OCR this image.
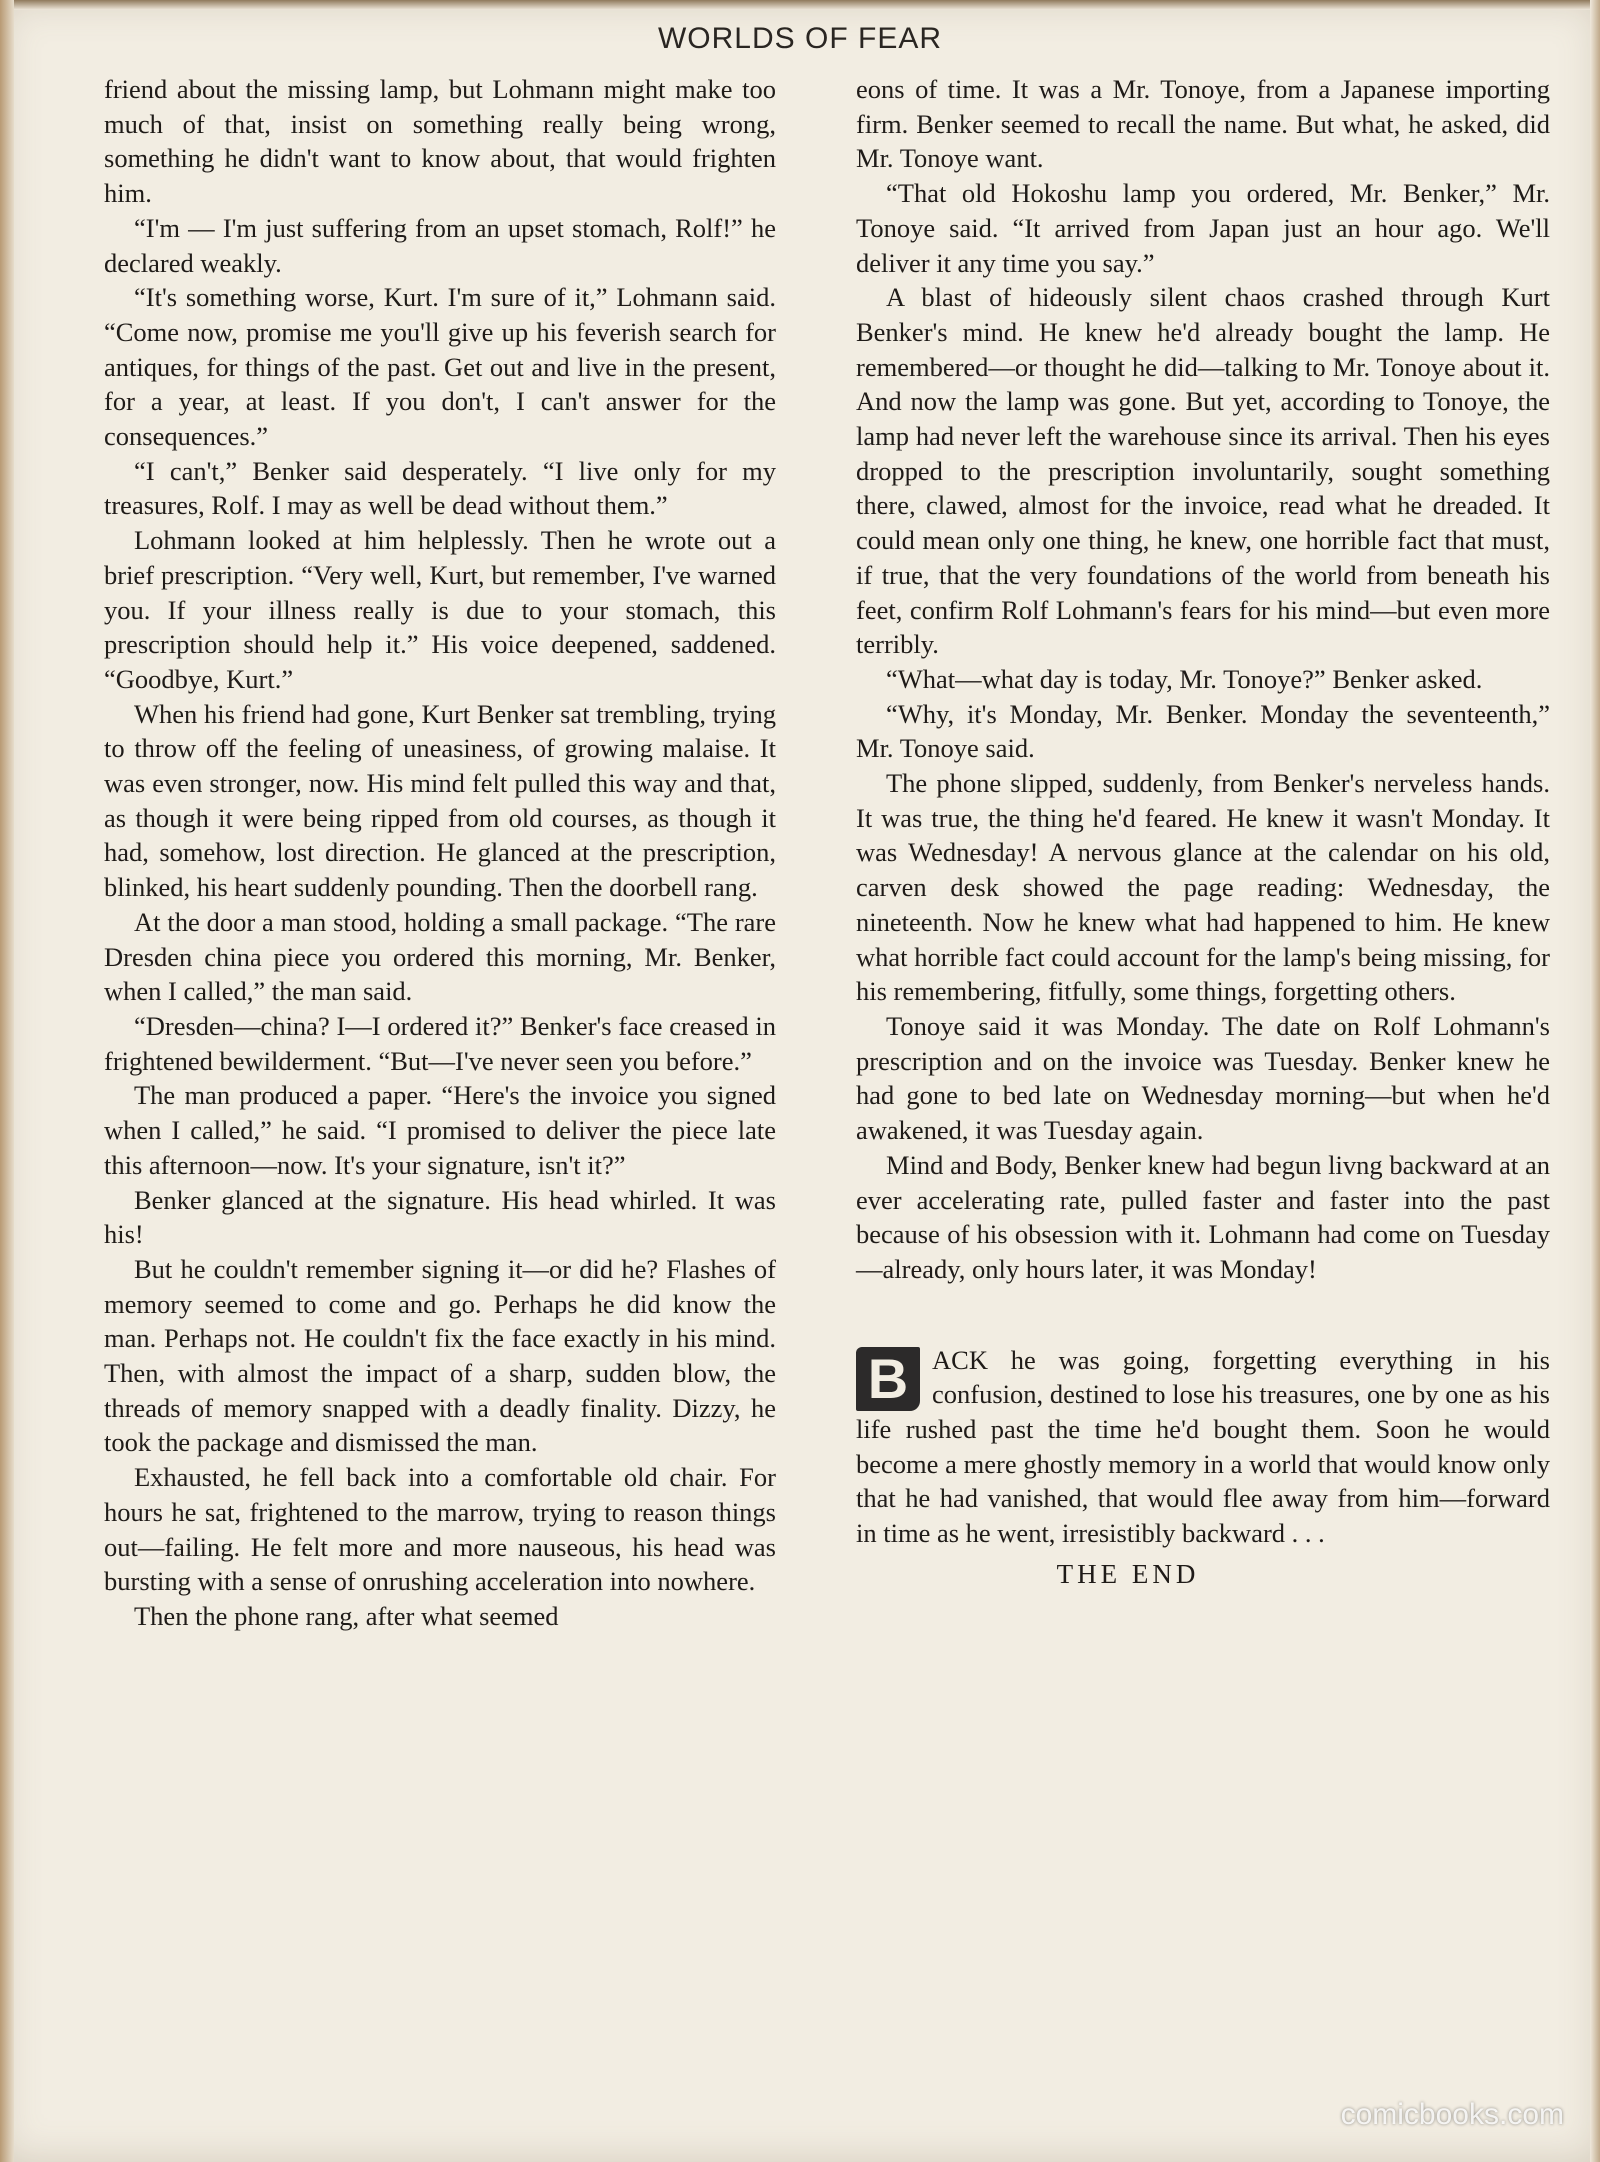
WORLDS OF FEAR

friend about the missing lamp, but Lohmann might make too much of that, insist on something really being wrong, something he didn't want to know about, that would frighten him.

“I'm — I'm just suffering from an upset stomach, Rolf!” he declared weakly.

“It's something worse, Kurt. I'm sure of it,” Lohmann said. “Come now, promise me you'll give up his feverish search for antiques, for things of the past. Get out and live in the present, for a year, at least. If you don't, I can't answer for the consequences.”

“I can't,” Benker said desperately. “I live only for my treasures, Rolf. I may as well be dead without them.”

Lohmann looked at him helplessly. Then he wrote out a brief prescription. “Very well, Kurt, but remember, I've warned you. If your illness really is due to your stomach, this prescription should help it.” His voice deepened, saddened. “Goodbye, Kurt.”

When his friend had gone, Kurt Benker sat trembling, trying to throw off the feeling of uneasiness, of growing malaise. It was even stronger, now. His mind felt pulled this way and that, as though it were being ripped from old courses, as though it had, somehow, lost direction. He glanced at the prescription, blinked, his heart suddenly pounding. Then the doorbell rang.

At the door a man stood, holding a small package. “The rare Dresden china piece you ordered this morning, Mr. Benker, when I called,” the man said.

“Dresden—china? I—I ordered it?” Benker's face creased in frightened bewilderment. “But—I've never seen you before.”

The man produced a paper. “Here's the invoice you signed when I called,” he said. “I promised to deliver the piece late this afternoon—now. It's your signature, isn't it?”

Benker glanced at the signature. His head whirled. It was his!

But he couldn't remember signing it—or did he? Flashes of memory seemed to come and go. Perhaps he did know the man. Perhaps not. He couldn't fix the face exactly in his mind. Then, with almost the impact of a sharp, sudden blow, the threads of memory snapped with a deadly finality. Dizzy, he took the package and dismissed the man.

Exhausted, he fell back into a comfortable old chair. For hours he sat, frightened to the marrow, trying to reason things out—failing. He felt more and more nauseous, his head was bursting with a sense of onrushing acceleration into nowhere.

Then the phone rang, after what seemed

eons of time. It was a Mr. Tonoye, from a Japanese importing firm. Benker seemed to recall the name. But what, he asked, did Mr. Tonoye want.

“That old Hokoshu lamp you ordered, Mr. Benker,” Mr. Tonoye said. “It arrived from Japan just an hour ago. We'll deliver it any time you say.”

A blast of hideously silent chaos crashed through Kurt Benker's mind. He knew he'd already bought the lamp. He remembered—or thought he did—talking to Mr. Tonoye about it. And now the lamp was gone. But yet, according to Tonoye, the lamp had never left the warehouse since its arrival. Then his eyes dropped to the prescription involuntarily, sought something there, clawed, almost for the invoice, read what he dreaded. It could mean only one thing, he knew, one horrible fact that must, if true, that the very foundations of the world from beneath his feet, confirm Rolf Lohmann's fears for his mind—but even more terribly.

“What—what day is today, Mr. Tonoye?” Benker asked.

“Why, it's Monday, Mr. Benker. Monday the seventeenth,” Mr. Tonoye said.

The phone slipped, suddenly, from Benker's nerveless hands. It was true, the thing he'd feared. He knew it wasn't Monday. It was Wednesday! A nervous glance at the calendar on his old, carven desk showed the page reading: Wednesday, the nineteenth. Now he knew what had happened to him. He knew what horrible fact could account for the lamp's being missing, for his remembering, fitfully, some things, forgetting others.

Tonoye said it was Monday. The date on Rolf Lohmann's prescription and on the invoice was Tuesday. Benker knew he had gone to bed late on Wednesday morning—but when he'd awakened, it was Tuesday again.

Mind and Body, Benker knew had begun livng backward at an ever accelerating rate, pulled faster and faster into the past because of his obsession with it. Lohmann had come on Tuesday—already, only hours later, it was Monday!

B ACK he was going, forgetting everything in his confusion, destined to lose his treasures, one by one as his life rushed past the time he'd bought them. Soon he would become a mere ghostly memory in a world that would know only that he had vanished, that would flee away from him—forward in time as he went, irresistibly backward . . .

THE END
comicbooks.com
